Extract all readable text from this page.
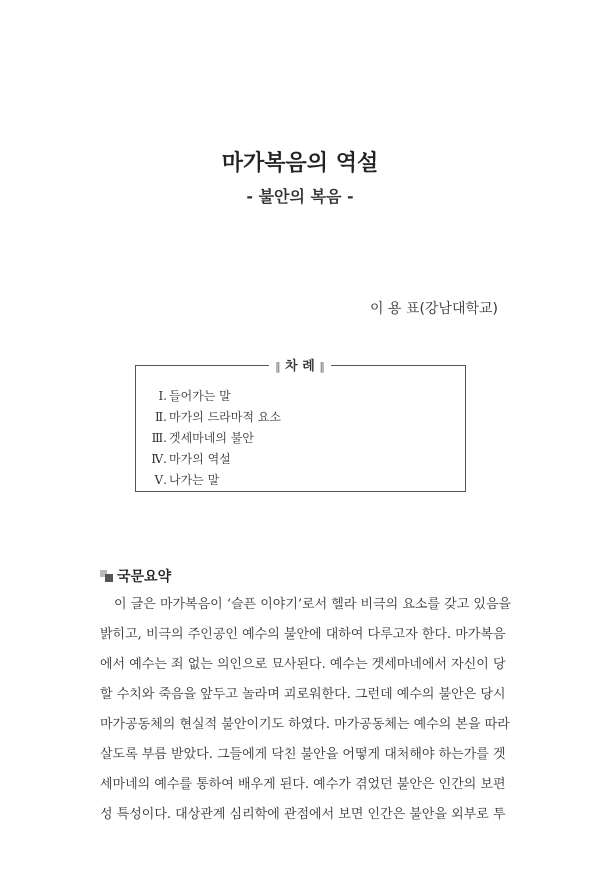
마가복음의 역설
- 불안의 복음 -
이 용 표(강남대학교)
‖ 차 례 ‖
Ⅰ. 들어가는 말
Ⅱ. 마가의 드라마적 요소
Ⅲ. 겟세마네의 불안
Ⅳ. 마가의 역설
Ⅴ. 나가는 말
국문요약
이 글은 마가복음이 ‘슬픈 이야기’로서 헬라 비극의 요소를 갖고 있음을
밝히고, 비극의 주인공인 예수의 불안에 대하여 다루고자 한다. 마가복음
에서 예수는 죄 없는 의인으로 묘사된다. 예수는 겟세마네에서 자신이 당
할 수치와 죽음을 앞두고 놀라며 괴로워한다. 그런데 예수의 불안은 당시
마가공동체의 현실적 불안이기도 하였다. 마가공동체는 예수의 본을 따라
살도록 부름 받았다. 그들에게 닥친 불안을 어떻게 대처해야 하는가를 겟
세마네의 예수를 통하여 배우게 된다. 예수가 겪었던 불안은 인간의 보편
성 특성이다. 대상관계 심리학에 관점에서 보면 인간은 불안을 외부로 투
